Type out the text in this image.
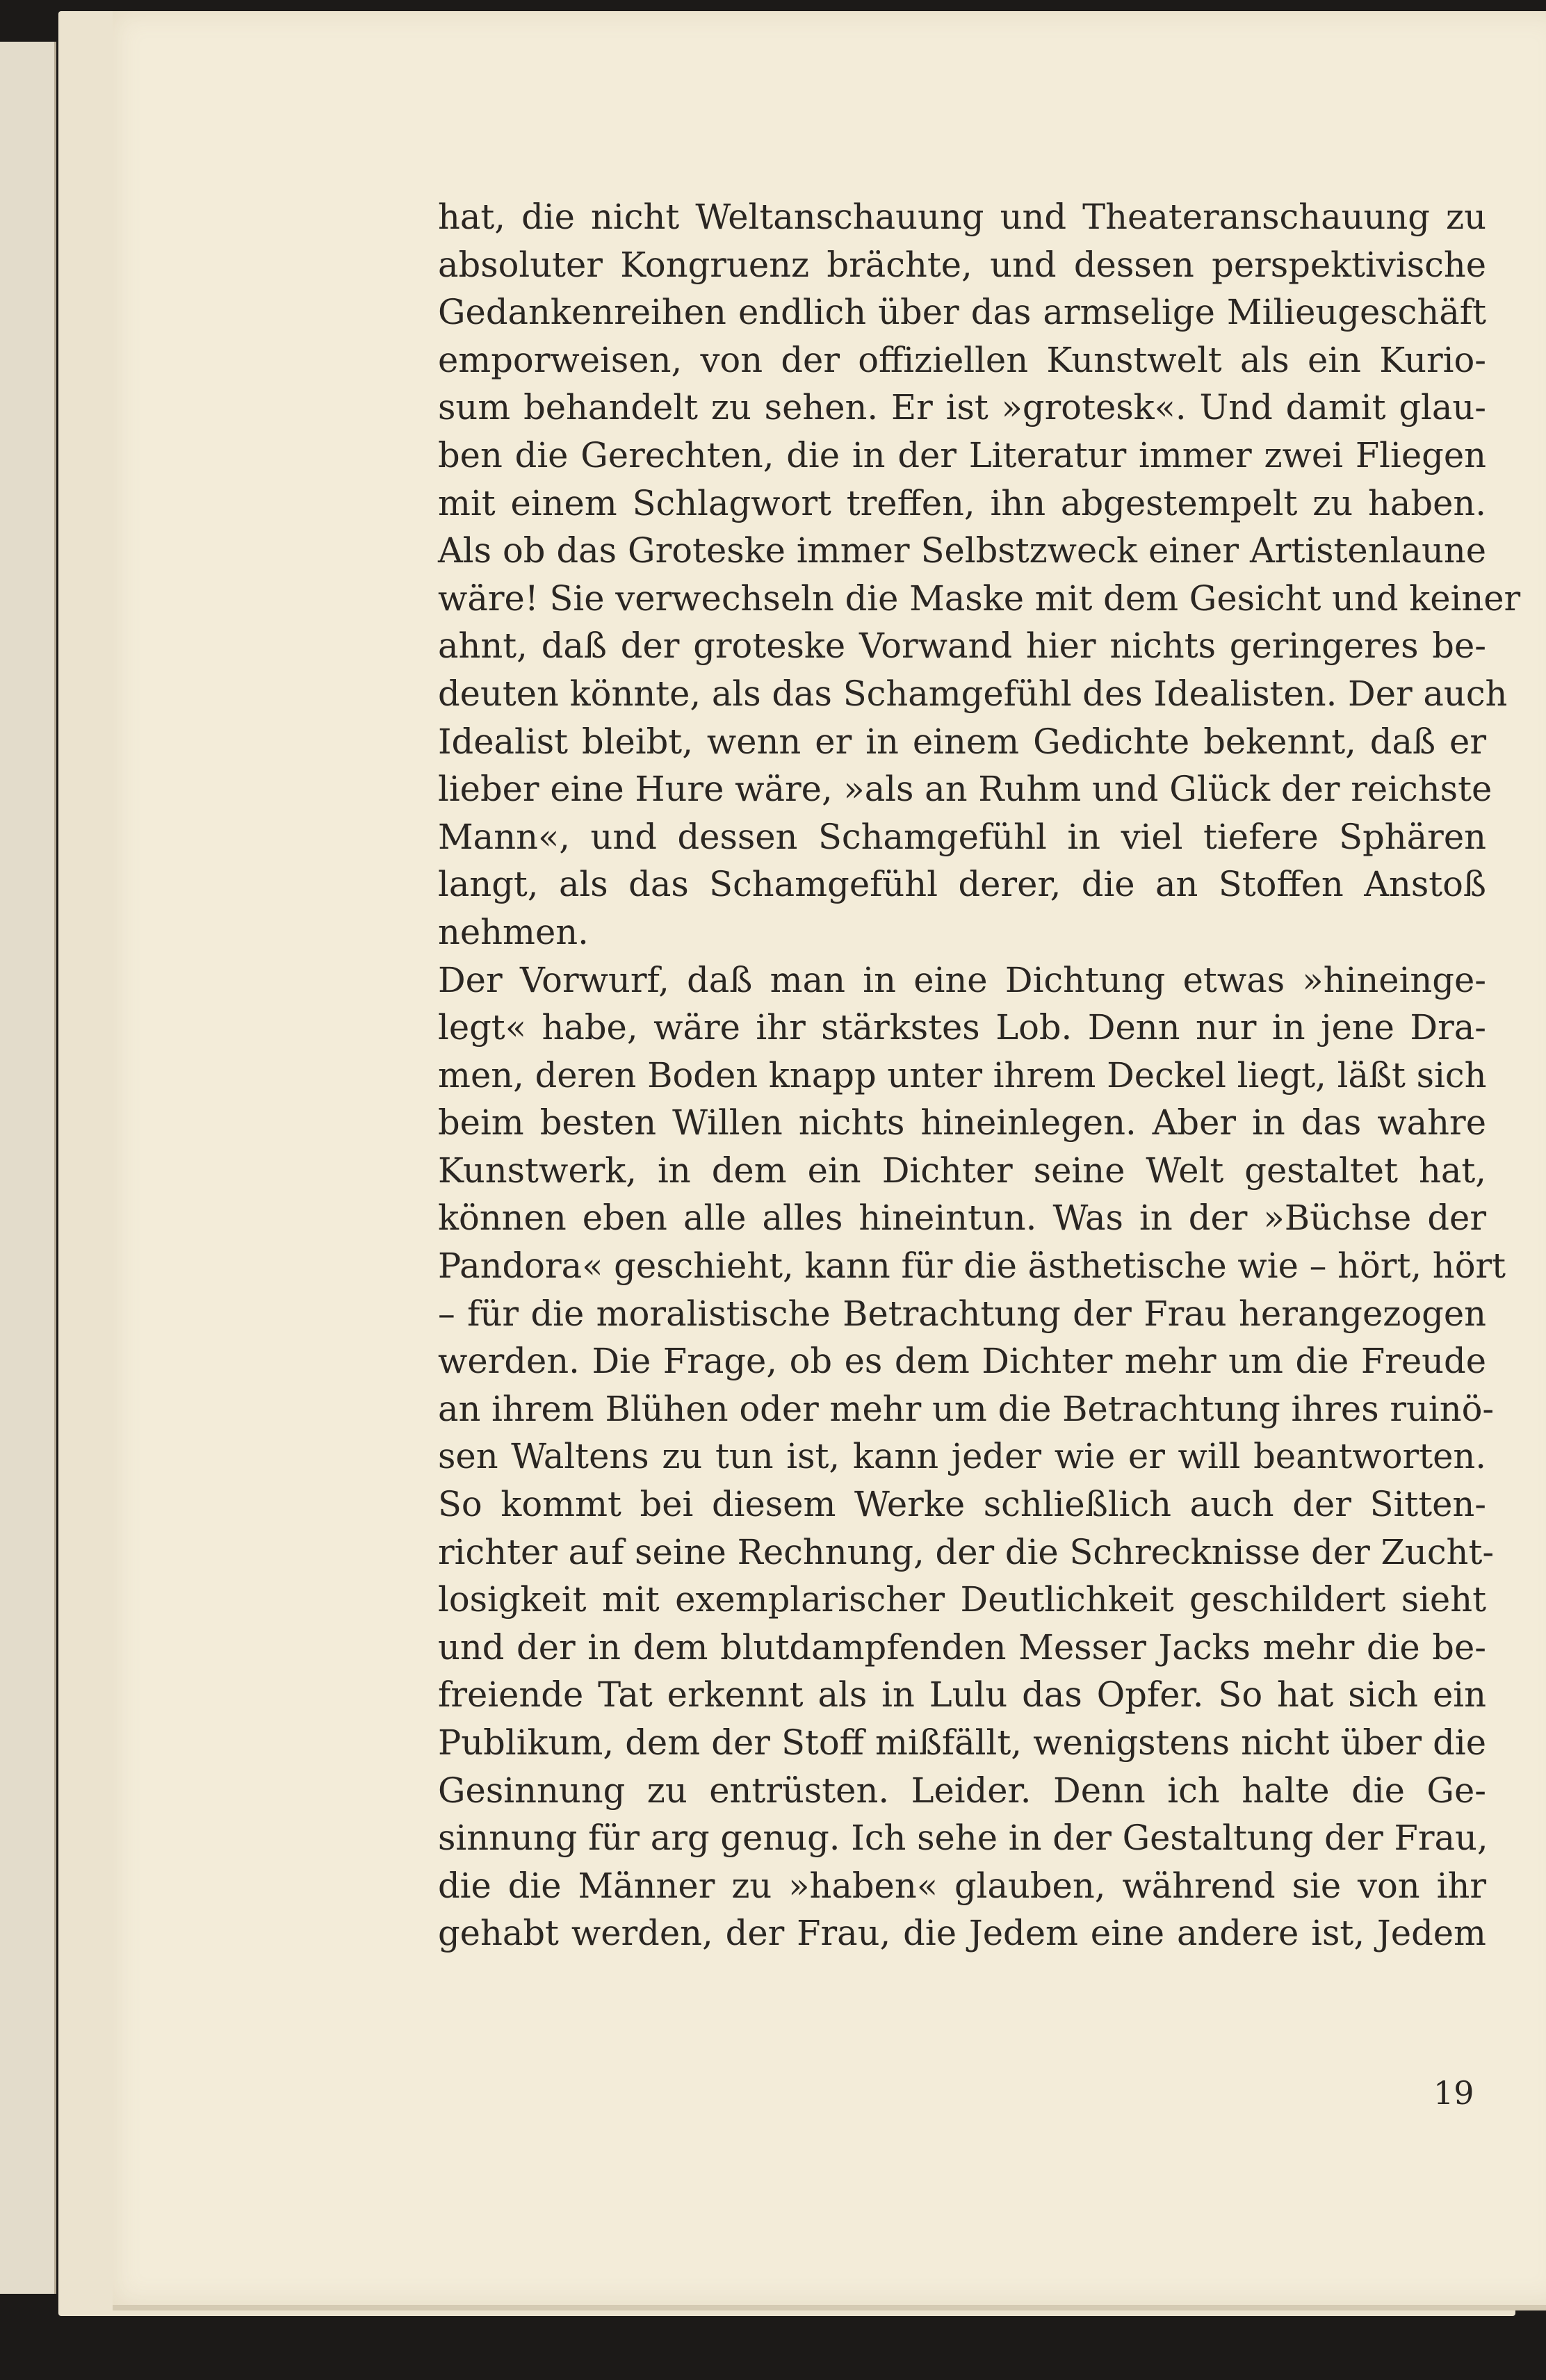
hat, die nicht Weltanschauung und Theateranschauung zu
absoluter Kongruenz brächte, und dessen perspektivische
Gedankenreihen endlich über das armselige Milieugeschäft
emporweisen, von der offiziellen Kunstwelt als ein Kurio-
sum behandelt zu sehen. Er ist »grotesk«. Und damit glau-
ben die Gerechten, die in der Literatur immer zwei Fliegen
mit einem Schlagwort treffen, ihn abgestempelt zu haben.
Als ob das Groteske immer Selbstzweck einer Artistenlaune
wäre! Sie verwechseln die Maske mit dem Gesicht und keiner
ahnt, daß der groteske Vorwand hier nichts geringeres be-
deuten könnte, als das Schamgefühl des Idealisten. Der auch
Idealist bleibt, wenn er in einem Gedichte bekennt, daß er
lieber eine Hure wäre, »als an Ruhm und Glück der reichste
Mann«, und dessen Schamgefühl in viel tiefere Sphären
langt, als das Schamgefühl derer, die an Stoffen Anstoß
nehmen.
Der Vorwurf, daß man in eine Dichtung etwas »hineinge-
legt« habe, wäre ihr stärkstes Lob. Denn nur in jene Dra-
men, deren Boden knapp unter ihrem Deckel liegt, läßt sich
beim besten Willen nichts hineinlegen. Aber in das wahre
Kunstwerk, in dem ein Dichter seine Welt gestaltet hat,
können eben alle alles hineintun. Was in der »Büchse der
Pandora« geschieht, kann für die ästhetische wie – hört, hört
– für die moralistische Betrachtung der Frau herangezogen
werden. Die Frage, ob es dem Dichter mehr um die Freude
an ihrem Blühen oder mehr um die Betrachtung ihres ruinö-
sen Waltens zu tun ist, kann jeder wie er will beantworten.
So kommt bei diesem Werke schließlich auch der Sitten-
richter auf seine Rechnung, der die Schrecknisse der Zucht-
losigkeit mit exemplarischer Deutlichkeit geschildert sieht
und der in dem blutdampfenden Messer Jacks mehr die be-
freiende Tat erkennt als in Lulu das Opfer. So hat sich ein
Publikum, dem der Stoff mißfällt, wenigstens nicht über die
Gesinnung zu entrüsten. Leider. Denn ich halte die Ge-
sinnung für arg genug. Ich sehe in der Gestaltung der Frau,
die die Männer zu »haben« glauben, während sie von ihr
gehabt werden, der Frau, die Jedem eine andere ist, Jedem
19
